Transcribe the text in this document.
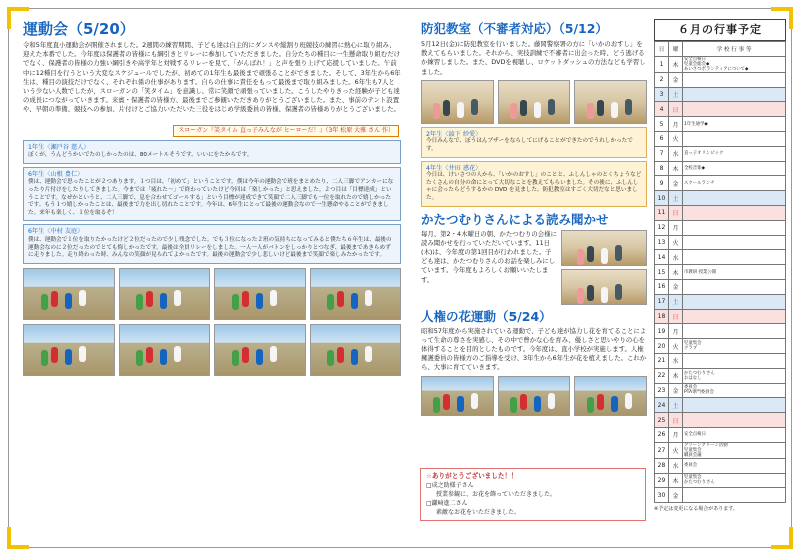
運動会（5/20）

令和5年度直小運動会が開催されました。2週間の練習期間、子ども達は自主的にダンスや縦割り班競技の練習に熱心に取り組み、迎えた本番でした。今年度は保護者の皆様にも綱引きとリレーに参加していただきました。自分たちの種目に一生懸命取り組むだけでなく、保護者の皆様の力強い綱引きや高学年と対戦するリレーを見て、「がんばれ！」と声を張り上げて応援していました。午前中に12種目を行うという大変なスケジュールでしたが、初めての1年生も最後まで頑張ることができました。そして、3年生から6年生は、種目の演技だけでなく、それぞれ係の仕事があります。自らの仕事に責任をもって最後まで取り組みました。6年生も7人という少ない人数でしたが、スローガンの「笑タイム」を意識し、常に笑顔で頑張っていました。こうしたやりきった経験が子ども達の成長につながっていきます。来賓・保護者の皆様方、最後までご参観いただきありがとうございました。また、事前のテント設置や、早朝の準備、競技への参加、片付けとご協力いただいた三役をはじめ学級委員の皆様、保護者の皆様ありがとうございました。

スローガン『笑タイム 直っ子みんなが ヒーローだ！』（3年 松原 大雅 さん 作）
1年生〈瀬戸谷 慈人〉
ぼくが、うんどうかいでたのしかったのは、80メートルそうです。いいにをたからです。
6年生〈山根 豊仁〉
僕は、運動会で思ったことが２つあります。１つ目は、「初めて」ということです。僕は今年の運動会で班をまとめたり、二人三脚でアンカーになったり片付けをしたりしてきました。今までは「疲れた～」で終わっていたけど今回は「楽しかった」と思えました。２つ目は「目標達成」ということです。なぜかというと、二人三脚で、息を合わせてゴールする」という目標が達成できて笑顔で二人三脚でも一位を取れたので嬉しかったです。もう１つ嬉しかったことは、最後まで力を出し切れたことです。今年は、6年生にとって最後の運動会なので一生懸命やることができました。来年も楽しく、１位を取るぞ！
6年生〈中村 友庭〉
僕は、運動会で１位を取りたかったけど２位だったので少し残念でした。でも３位になった２班の気持ちになってみると僕たち６年生は、最後の運動会なのに２位だったのでとても悔しかったです。最後は全員リレーをしました。一人一人がバトンをしっかりとつなぎ、最後まであきらめずに走りました。走り終わった時、みんなの笑顔が見られてよかったです。最後の運動会で少し悲しいけど最後まで笑顔で楽しみたかったです。
防犯教室（不審者対応）（5/12）

5月12日(金)に防犯教室を行いました。藤岡警察署の方に「いかのおすし」を教えてもらいました。それから、実技訓練で不審者に出会った時、どう逃げるか練習しました。また、DVDを視聴し、ロケットダッシュの方法なども学習しました。

2年生〈綾下 紗愛〉
今日みんなで、ぼうはんブザーをならしてにげることができたのでうれしかったです。
4年生〈井田 惑花〉
今日は、けいさつの人から、「いかのおすし」のことと、ふしんしゃのとくちょうなどたくさんの自分の命にとって大切なことを教えてもらいました。その後に、ふしんしゃに会ったらどうするかの DVD を見ました。防犯教室はすごく大切だなと思いました。
かたつむりさんによる読み聞かせ

毎月、第2・4木曜日の朝、かたつむりの会様に読み聞かせを行っていただいています。11日(木)は、今年度の第1回目が行われました。子ども達は、かたつむりさんのお話を楽しみにしています。今年度もよろしくお願いいたします。

人権の花運動（5/24）

昭和57年度から実施されている運動で、子ども達が協力し花を育てることによって生命の尊さを実感し、その中で豊かな心を育み、優しさと思いやりの心を体得することを目的としたものです。今年度は、直小学校が実施します。人権擁護委員の皆様方のご指導を受け、3年生から6年生が花を植えました。これから、大事に育てていきます。

６月の行事予定
日	曜	学 校 行 事 等
1	木	安全点検日
児童会総会◆
あいさつボランティアについて◆
2	金	
3	土	
4	日	
5	月	1年生通学◆
6	火	
7	水	直っ子オリンピック
8	木	全校音楽◆
9	金	スクールランチ
10	土	
11	日	
12	月	
13	火	
14	水	
15	木	市教研 授業公開
16	金	
17	土	
18	日	
19	月	
20	火	児童集会
クラブ
21	水	
22	木	かたつむりさん
おはなし
23	金	委員会
PTA専門委員会
24	土	
25	日	
26	月	安全点検日
27	火	クリーングリーン活動
児童集会
職員会議
28	水	委員会
29	木	児童集会
かたつむりさん
30	金	
※予定は変更になる場合があります。
☆ありがとうございました！！
□成之助様子さん
授業参観に、お花を飾っていただきました。
□鎌﨑進二さん
素敵なお花をいただきました。
